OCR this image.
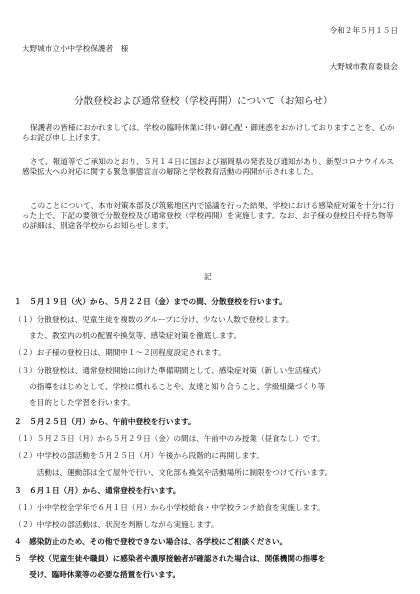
令和２年５月１５日
大野城市立小中学校保護者　様
大野城市教育委員会
分散登校および通常登校（学校再開）について（お知らせ）
保護者の皆様におかれましては、学校の臨時休業に伴い御心配・御迷惑をおかけしておりますことを、心からお詫び申し上げます。
さて、報道等でご承知のとおり、５月１４日に国および福岡県の発表及び通知があり、新型コロナウイルス感染拡大への対応に関する緊急事態宣言の解除と学校教育活動の再開が示されました。
このことについて、本市対策本部及び筑紫地区内で協議を行った結果、学校における感染症対策を十分に行った上で、下記の要領で分散登校及び通常登校（学校再開）を実施します。なお、お子様の登校日や持ち物等の詳細は、別途各学校からお知らせします。
記
１　５月１９日（火）から、５月２２日（金）までの間、分散登校を行います。
（１）分散登校は、児童生徒を複数のグループに分け、少ない人数で登校します。
　　また、教室内の机の配置や換気等、感染症対策を徹底します。
（２）お子様の登校日は、期間中１～２回程度設定されます。
（３）分散登校は、通常登校開始に向けた準備期間として、感染症対策（新しい生活様式）
　　の指導をはじめとして、学校に慣れることや、友達と知り合うこと、学級組織づくり等
　　を目的とした学習を行います。
２　５月２５日（月）から、午前中登校を行います。
（１）５月２５日（月）から５月２９日（金）の間は、午前中のみ授業（昼食なし）です。
（２）中学校の部活動を５月２５日（月）午後から段階的に再開します。
　　　活動は、運動部は全て屋外で行い、文化部も換気や活動場所に制限をつけて行います。
３　６月１日（月）から、通常登校を行います。
（１）小中学校全学年で６月１日（月）から小学校給食・中学校ランチ給食を実施します。
（２）中学校の部活動は、状況を判断しながら実施します。
４　感染防止のため、その他で登校できない場合は、各学校にご相談ください。
５　学校（児童生徒や職員）に感染者や濃厚接触者が確認された場合は、関係機関の指導を
　　受け、臨時休業等の必要な措置を行います。
